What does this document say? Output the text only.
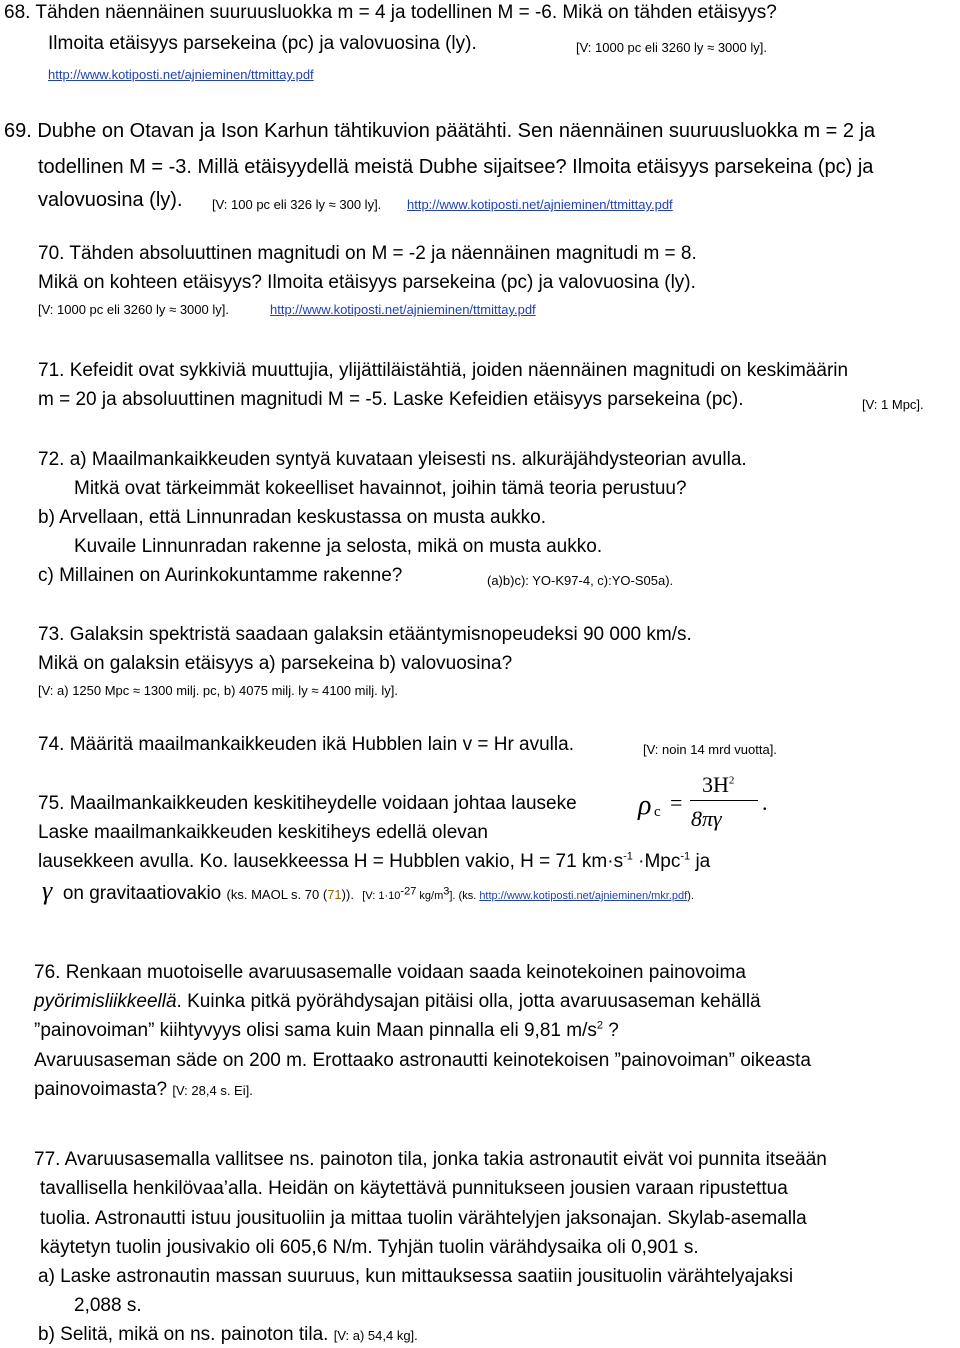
68. Tähden näennäinen suuruusluokka m = 4 ja todellinen M = -6. Mikä on tähden etäisyys?
Ilmoita etäisyys parsekeina (pc) ja valovuosina (ly).	[V: 1000 pc eli 3260 ly ≈ 3000 ly].
http://www.kotiposti.net/ajnieminen/ttmittay.pdf
69. Dubhe on Otavan ja Ison Karhun tähtikuvion päätähti. Sen näennäinen suuruusluokka m = 2 ja
todellinen M = -3. Millä etäisyydellä meistä Dubhe sijaitsee? Ilmoita etäisyys parsekeina (pc) ja
valovuosina (ly). [V: 100 pc eli 326 ly ≈ 300 ly]. http://www.kotiposti.net/ajnieminen/ttmittay.pdf
70. Tähden absoluuttinen magnitudi on M = -2 ja näennäinen magnitudi m = 8.
Mikä on kohteen etäisyys? Ilmoita etäisyys parsekeina (pc) ja valovuosina (ly).
[V: 1000 pc eli 3260 ly ≈ 3000 ly].	http://www.kotiposti.net/ajnieminen/ttmittay.pdf
71. Kefeidit ovat sykkiviä muuttujia, ylijättiläistähtiä, joiden näennäinen magnitudi on keskimäärin
m = 20 ja absoluuttinen magnitudi M = -5. Laske Kefeidien etäisyys parsekeina (pc).	[V: 1 Mpc].
72. a) Maailmankaikkeuden syntyä kuvataan yleisesti ns. alkuräjähdysteorian avulla.
Mitkä ovat tärkeimmät kokeelliset havainnot, joihin tämä teoria perustuu?
b) Arvellaan, että Linnunradan keskustassa on musta aukko.
Kuvaile Linnunradan rakenne ja selosta, mikä on musta aukko.
c) Millainen on Aurinkokuntamme rakenne?	(a)b)c): YO-K97-4, c):YO-S05a).
73. Galaksin spektristä saadaan galaksin etääntymisnopeudeksi 90 000 km/s.
Mikä on galaksin etäisyys a) parsekeina b) valovuosina?
[V: a) 1250 Mpc ≈ 1300 milj. pc, b) 4075 milj. ly ≈ 4100 milj. ly].
74. Määritä maailmankaikkeuden ikä Hubblen lain v = Hr avulla.	[V: noin 14 mrd vuotta].
75. Maailmankaikkeuden keskitiheydelle voidaan johtaa lauseke ρ c =
$3H^2$
8πγ
.
Laske maailmankaikkeuden keskitiheys edellä olevan
lausekkeen avulla. Ko. lausekkeessa H = Hubblen vakio, H = 71 $km\cdot s^{-1} \cdot Mpc^{-1}$ ja
γ on gravitaatiovakio (ks. MAOL s. 70 (71)). [V: $1\cdot 10^{-27}$ $kg/m^3$]. (ks. http://www.kotiposti.net/ajnieminen/mkr.pdf).
76. Renkaan muotoiselle avaruusasemalle voidaan saada keinotekoinen painovoima
pyörimisliikkeellä. Kuinka pitkä pyörähdysajan pitäisi olla, jotta avaruusaseman kehällä
”painovoiman” kiihtyvyys olisi sama kuin Maan pinnalla eli 9,81 $m/s^2$ ?
Avaruusaseman säde on 200 m. Erottaako astronautti keinotekoisen ”painovoiman” oikeasta
painovoimasta? [V: 28,4 s. Ei].
77. Avaruusasemalla vallitsee ns. painoton tila, jonka takia astronautit eivät voi punnita itseään
tavallisella henkilövaa’alla. Heidän on käytettävä punnitukseen jousien varaan ripustettua
tuolia. Astronautti istuu jousituoliin ja mittaa tuolin värähtelyjen jaksonajan. Skylab-asemalla
käytetyn tuolin jousivakio oli 605,6 N/m. Tyhjän tuolin värähdysaika oli 0,901 s.
a) Laske astronautin massan suuruus, kun mittauksessa saatiin jousituolin värähtelyajaksi
2,088 s.
b) Selitä, mikä on ns. painoton tila. [V: a) 54,4 kg].
